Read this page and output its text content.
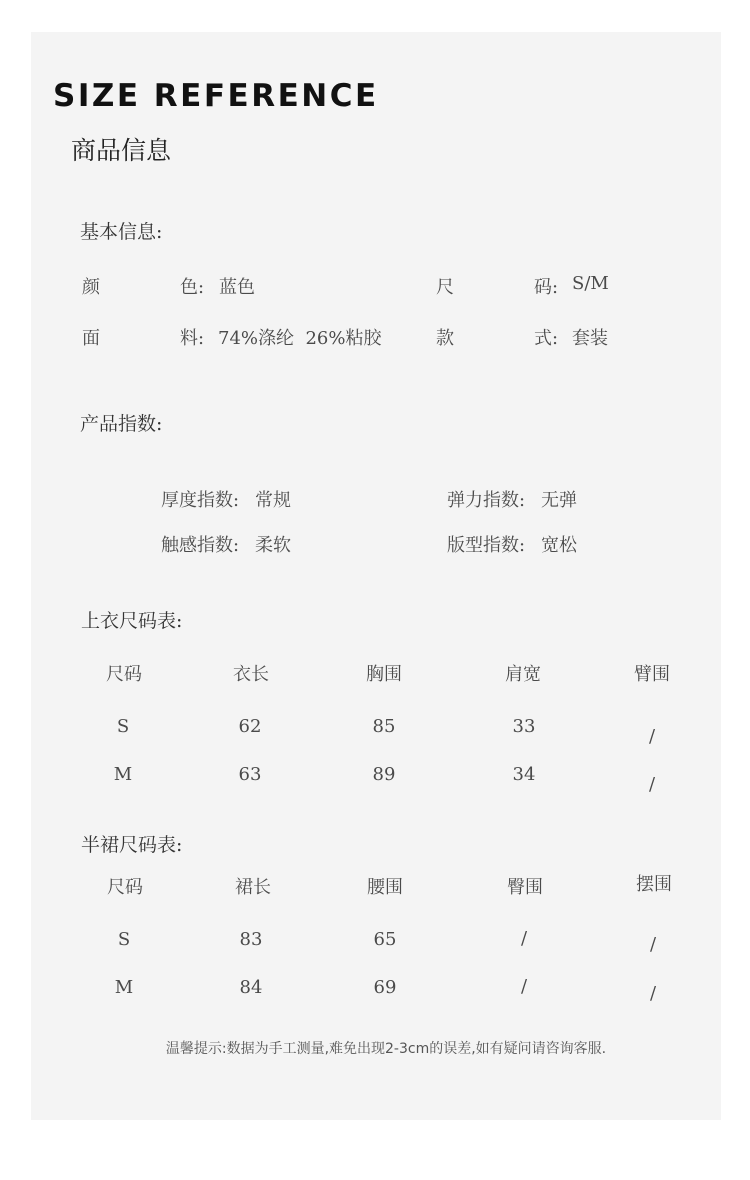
SIZE REFERENCE
商品信息
基本信息:
颜	色: 蓝色	尺	码: S/M
面	料: 74%涤纶  26%粘胶	款	式: 套装
产品指数:
厚度指数: 常规	弹力指数: 无弹
触感指数: 柔软	版型指数: 宽松
上衣尺码表:
尺码	衣长	胸围	肩宽	臂围
S	62	85	33	/
M	63	89	34	/
半裙尺码表:
尺码	裙长	腰围	臀围	摆围
S	83	65	/	/
M	84	69	/	/
温馨提示:数据为手工测量,难免出现2-3cm的误差,如有疑问请咨询客服.
